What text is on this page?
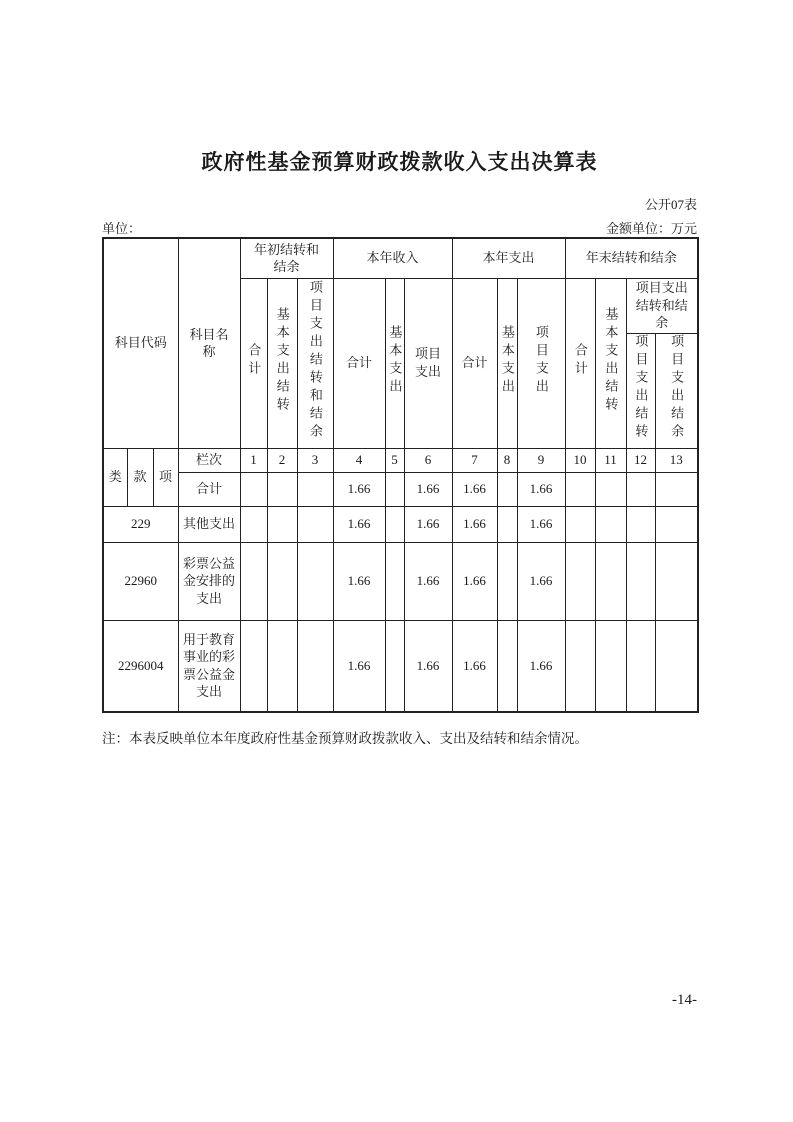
政府性基金预算财政拨款收入支出决算表
公开07表
单位：	金额单位：万元
科目代码			科目名称	年初结转和结余			本年收入			本年支出			年末结转和结余			
				合计	基本支出结转	项目支出结转和结余	合计	基本支出	项目支出	合计	基本支出	项目支出	合计	基本支出结转	项目支出结转和结余	
															项目支出结转	项目支出结余
类	款	项	栏次	1	2	3	4	5	6	7	8	9	10	11	12	13
			合计				1.66		1.66	1.66		1.66				
229			其他支出				1.66		1.66	1.66		1.66				
22960			彩票公益金安排的支出				1.66		1.66	1.66		1.66				
2296004			用于教育事业的彩票公益金支出				1.66		1.66	1.66		1.66				
注：本表反映单位本年度政府性基金预算财政拨款收入、支出及结转和结余情况。
-14-
